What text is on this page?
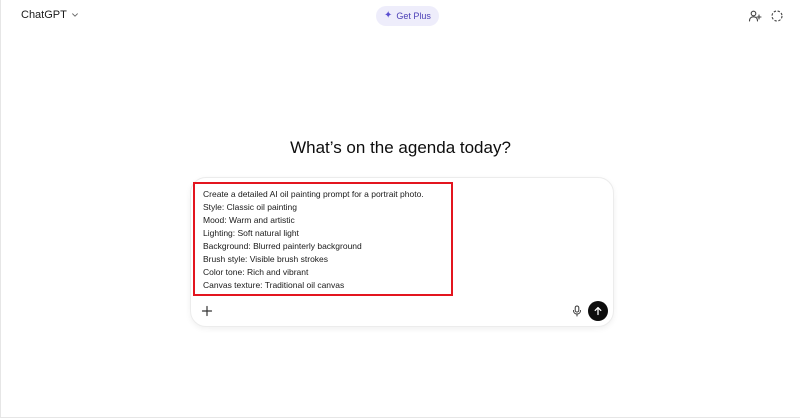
ChatGPT	✦ Get Plus
What’s on the agenda today?
Create a detailed AI oil painting prompt for a portrait photo.
Style: Classic oil painting
Mood: Warm and artistic
Lighting: Soft natural light
Background: Blurred painterly background
Brush style: Visible brush strokes
Color tone: Rich and vibrant
Canvas texture: Traditional oil canvas
